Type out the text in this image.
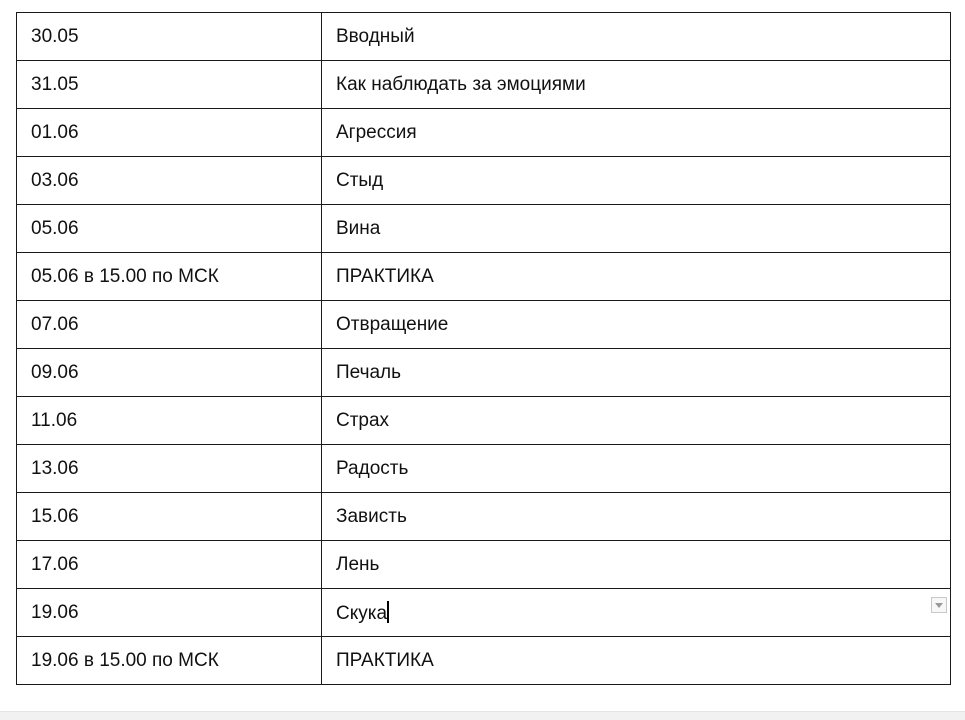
30.05	Вводный
31.05	Как наблюдать за эмоциями
01.06	Агрессия
03.06	Стыд
05.06	Вина
05.06 в 15.00 по МСК	ПРАКТИКА
07.06	Отвращение
09.06	Печаль
11.06	Страх
13.06	Радость
15.06	Зависть
17.06	Лень
19.06	Скука

19.06 в 15.00 по МСК	ПРАКТИКА
